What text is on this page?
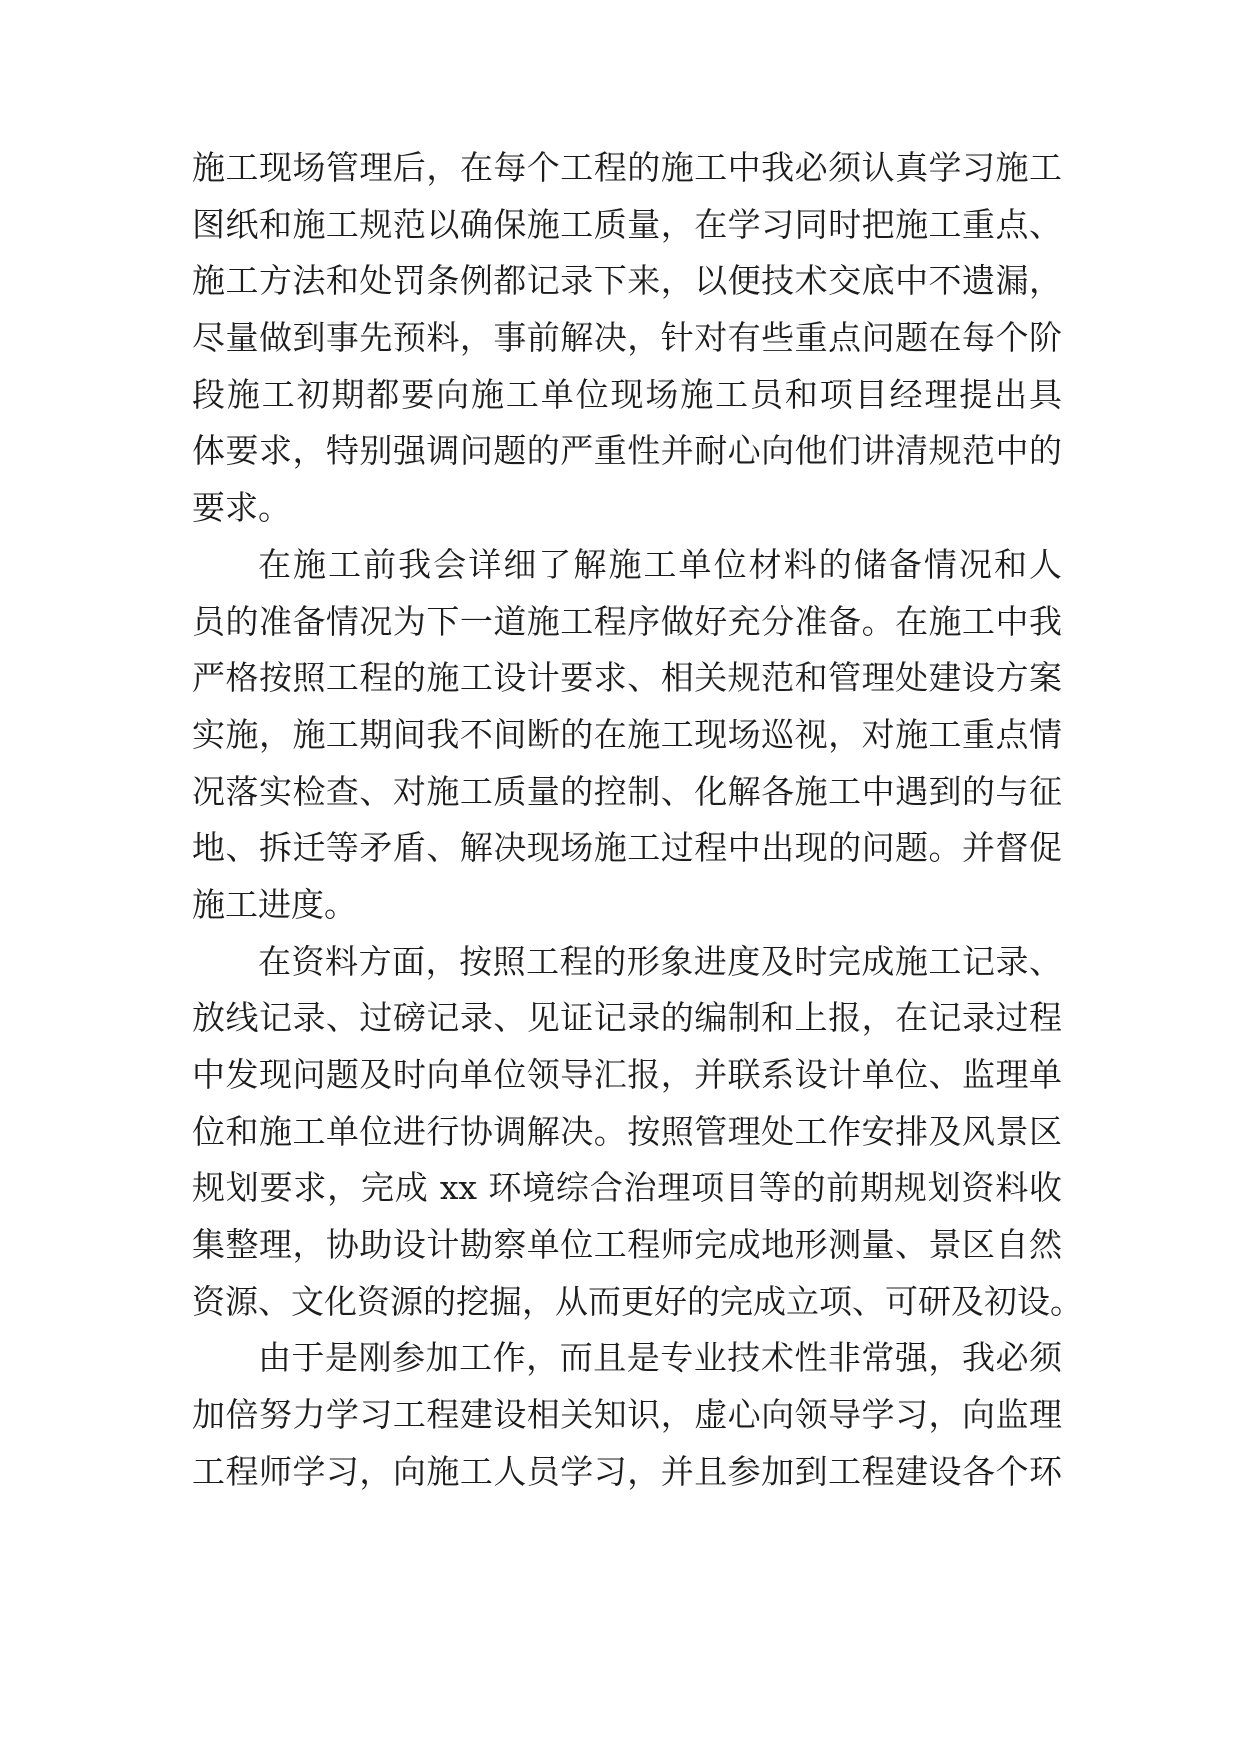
施工现场管理后，在每个工程的施工中我必须认真学习施工
图纸和施工规范以确保施工质量，在学习同时把施工重点、
施工方法和处罚条例都记录下来，以便技术交底中不遗漏，
尽量做到事先预料，事前解决，针对有些重点问题在每个阶
段施工初期都要向施工单位现场施工员和项目经理提出具
体要求，特别强调问题的严重性并耐心向他们讲清规范中的
要求。
在施工前我会详细了解施工单位材料的储备情况和人
员的准备情况为下一道施工程序做好充分准备。在施工中我
严格按照工程的施工设计要求、相关规范和管理处建设方案
实施，施工期间我不间断的在施工现场巡视，对施工重点情
况落实检查、对施工质量的控制、化解各施工中遇到的与征
地、拆迁等矛盾、解决现场施工过程中出现的问题。并督促
施工进度。
在资料方面，按照工程的形象进度及时完成施工记录、
放线记录、过磅记录、见证记录的编制和上报，在记录过程
中发现问题及时向单位领导汇报，并联系设计单位、监理单
位和施工单位进行协调解决。按照管理处工作安排及风景区
规划要求，完成 xx 环境综合治理项目等的前期规划资料收
集整理，协助设计勘察单位工程师完成地形测量、景区自然
资源、文化资源的挖掘，从而更好的完成立项、可研及初设。
由于是刚参加工作，而且是专业技术性非常强，我必须
加倍努力学习工程建设相关知识，虚心向领导学习，向监理
工程师学习，向施工人员学习，并且参加到工程建设各个环
